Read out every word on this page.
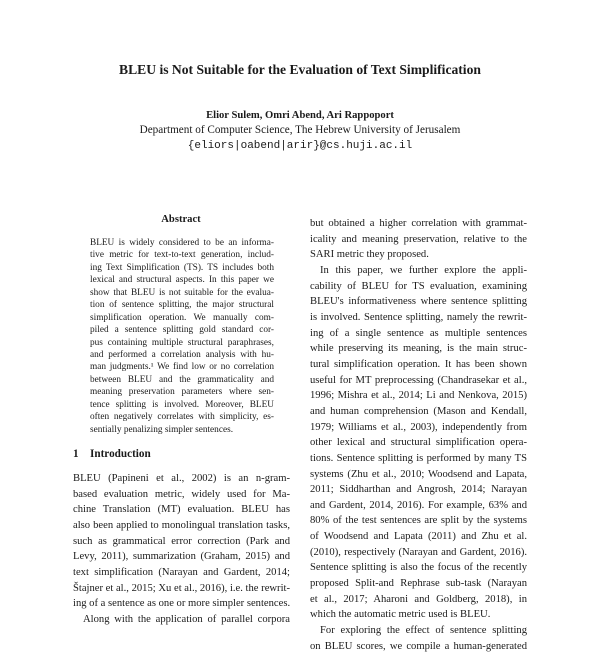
BLEU is Not Suitable for the Evaluation of Text Simplification
Elior Sulem, Omri Abend, Ari Rappoport
Department of Computer Science, The Hebrew University of Jerusalem
{eliors|oabend|arir}@cs.huji.ac.il
Abstract
BLEU is widely considered to be an informa-
tive metric for text-to-text generation, includ-
ing Text Simplification (TS). TS includes both
lexical and structural aspects. In this paper we
show that BLEU is not suitable for the evalua-
tion of sentence splitting, the major structural
simplification operation. We manually com-
piled a sentence splitting gold standard cor-
pus containing multiple structural paraphrases,
and performed a correlation analysis with hu-
man judgments.¹ We find low or no correlation
between BLEU and the grammaticality and
meaning preservation parameters where sen-
tence splitting is involved. Moreover, BLEU
often negatively correlates with simplicity, es-
sentially penalizing simpler sentences.
1 Introduction
BLEU (Papineni et al., 2002) is an n-gram-
based evaluation metric, widely used for Ma-
chine Translation (MT) evaluation. BLEU has
also been applied to monolingual translation tasks,
such as grammatical error correction (Park and
Levy, 2011), summarization (Graham, 2015) and
text simplification (Narayan and Gardent, 2014;
Štajner et al., 2015; Xu et al., 2016), i.e. the rewrit-
ing of a sentence as one or more simpler sentences.
Along with the application of parallel corpora
but obtained a higher correlation with grammat-
icality and meaning preservation, relative to the
SARI metric they proposed.
In this paper, we further explore the appli-
cability of BLEU for TS evaluation, examining
BLEU's informativeness where sentence splitting
is involved. Sentence splitting, namely the rewrit-
ing of a single sentence as multiple sentences
while preserving its meaning, is the main struc-
tural simplification operation. It has been shown
useful for MT preprocessing (Chandrasekar et al.,
1996; Mishra et al., 2014; Li and Nenkova, 2015)
and human comprehension (Mason and Kendall,
1979; Williams et al., 2003), independently from
other lexical and structural simplification opera-
tions. Sentence splitting is performed by many TS
systems (Zhu et al., 2010; Woodsend and Lapata,
2011; Siddharthan and Angrosh, 2014; Narayan
and Gardent, 2014, 2016). For example, 63% and
80% of the test sentences are split by the systems
of Woodsend and Lapata (2011) and Zhu et al.
(2010), respectively (Narayan and Gardent, 2016).
Sentence splitting is also the focus of the recently
proposed Split-and Rephrase sub-task (Narayan
et al., 2017; Aharoni and Goldberg, 2018), in
which the automatic metric used is BLEU.
For exploring the effect of sentence splitting
on BLEU scores, we compile a human-generated
